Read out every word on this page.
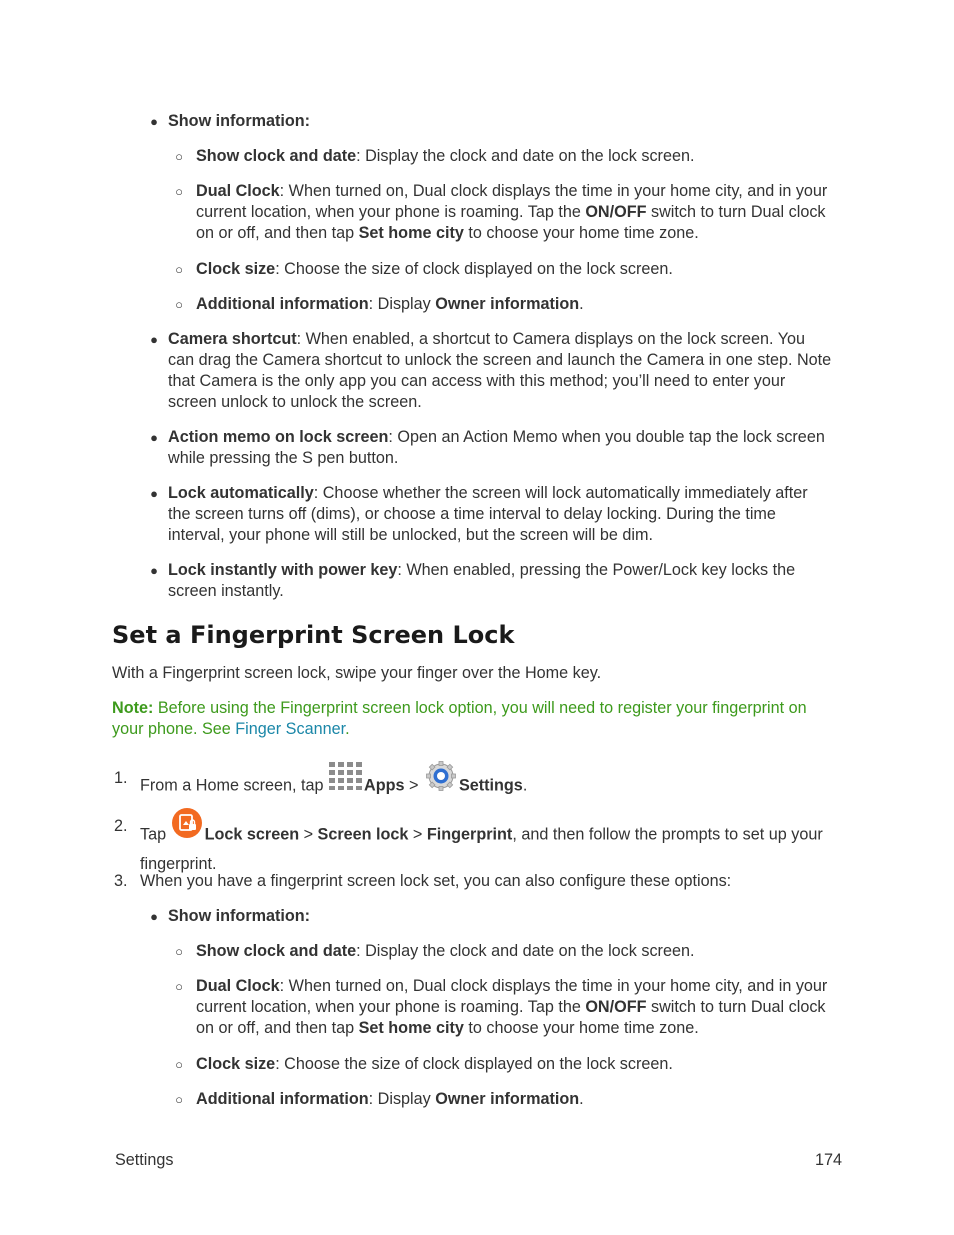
● Show information:
○ Show clock and date: Display the clock and date on the lock screen.
○ Dual Clock: When turned on, Dual clock displays the time in your home city, and in your
current location, when your phone is roaming. Tap the ON/OFF switch to turn Dual clock
on or off, and then tap Set home city to choose your home time zone.
○ Clock size: Choose the size of clock displayed on the lock screen.
○ Additional information: Display Owner information.
● Camera shortcut: When enabled, a shortcut to Camera displays on the lock screen. You
can drag the Camera shortcut to unlock the screen and launch the Camera in one step. Note
that Camera is the only app you can access with this method; you’ll need to enter your
screen unlock to unlock the screen.
● Action memo on lock screen: Open an Action Memo when you double tap the lock screen
while pressing the S pen button.
● Lock automatically: Choose whether the screen will lock automatically immediately after
the screen turns off (dims), or choose a time interval to delay locking. During the time
interval, your phone will still be unlocked, but the screen will be dim.
● Lock instantly with power key: When enabled, pressing the Power/Lock key locks the
screen instantly.
Set a Fingerprint Screen Lock
With a Fingerprint screen lock, swipe your finger over the Home key.
Note: Before using the Fingerprint screen lock option, you will need to register your fingerprint on
your phone. See Finger Scanner.
1. From a Home screen, tap Apps > Settings.
2. Tap Lock screen > Screen lock > Fingerprint, and then follow the prompts to set up your
fingerprint.
3. When you have a fingerprint screen lock set, you can also configure these options:
● Show information:
○ Show clock and date: Display the clock and date on the lock screen.
○ Dual Clock: When turned on, Dual clock displays the time in your home city, and in your
current location, when your phone is roaming. Tap the ON/OFF switch to turn Dual clock
on or off, and then tap Set home city to choose your home time zone.
○ Clock size: Choose the size of clock displayed on the lock screen.
○ Additional information: Display Owner information.
Settings	174
